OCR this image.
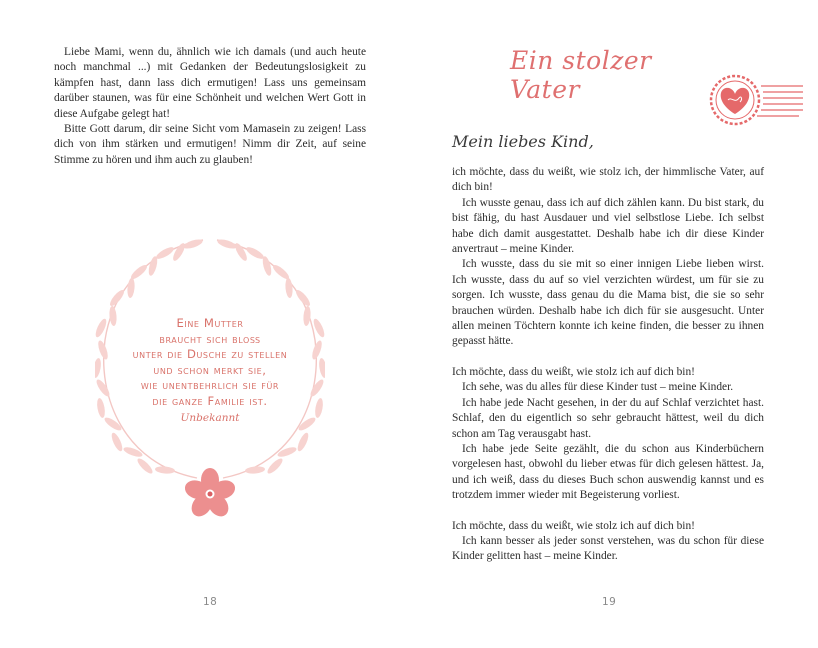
Liebe Mami, wenn du, ähnlich wie ich damals (und auch heute noch manchmal ...) mit Gedanken der Bedeutungslosigkeit zu kämpfen hast, dann lass dich ermutigen! Lass uns gemeinsam darüber staunen, was für eine Schönheit und welchen Wert Gott in diese Aufgabe gelegt hat!

Bitte Gott darum, dir seine Sicht vom Mamasein zu zeigen! Lass dich von ihm stärken und ermutigen! Nimm dir Zeit, auf seine Stimme zu hören und ihm auch zu glauben!

Eine Mutter
braucht sich bloß
unter die Dusche zu stellen
und schon merkt sie,
wie unentbehrlich sie für
die ganze Familie ist.
Unbekannt
18
Ein stolzer Vater
Mein liebes Kind,

ich möchte, dass du weißt, wie stolz ich, der himmlische Vater, auf dich bin!

Ich wusste genau, dass ich auf dich zählen kann. Du bist stark, du bist fähig, du hast Ausdauer und viel selbstlose Liebe. Ich selbst habe dich damit ausgestattet. Deshalb habe ich dir diese Kinder anvertraut – meine Kinder.

Ich wusste, dass du sie mit so einer innigen Liebe lieben wirst. Ich wusste, dass du auf so viel verzichten würdest, um für sie zu sorgen. Ich wusste, dass genau du die Mama bist, die sie so sehr brauchen würden. Deshalb habe ich dich für sie ausgesucht. Unter allen meinen Töchtern konnte ich keine finden, die besser zu ihnen gepasst hätte.

Ich möchte, dass du weißt, wie stolz ich auf dich bin!

Ich sehe, was du alles für diese Kinder tust – meine Kinder.

Ich habe jede Nacht gesehen, in der du auf Schlaf verzichtet hast. Schlaf, den du eigentlich so sehr gebraucht hättest, weil du dich schon am Tag verausgabt hast.

Ich habe jede Seite gezählt, die du schon aus Kinderbüchern vorgelesen hast, obwohl du lieber etwas für dich gelesen hättest. Ja, und ich weiß, dass du dieses Buch schon auswendig kannst und es trotzdem immer wieder mit Begeisterung vorliest.

Ich möchte, dass du weißt, wie stolz ich auf dich bin!

Ich kann besser als jeder sonst verstehen, was du schon für diese Kinder gelitten hast – meine Kinder.

19
